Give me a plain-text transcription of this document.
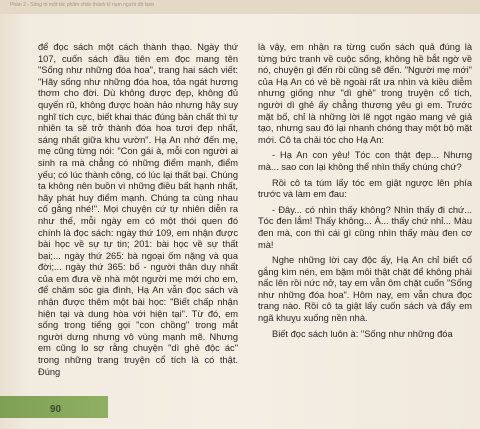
Phần 2 - Sống tri một tác phẩm chấn thành kì nam người độ lạnh

để đọc sách một cách thành thạo. Ngày thứ 107, cuốn sách đầu tiên em đọc mang tên "Sống như những đóa hoa", trang hai sách viết: "Hãy sống như những đóa hoa, tỏa ngát hương thơm cho đời. Dù không được đẹp, không đủ quyến rũ, không được hoàn hảo nhưng hãy suy nghĩ tích cực, biết khai thác đúng bản chất thì tự nhiên ta sẽ trở thành đóa hoa tươi đẹp nhất, sáng nhất giữa khu vườn". Hạ An nhớ đến mẹ, mẹ cũng từng nói: "Con gái à, mỗi con người ai sinh ra mà chẳng có những điểm mạnh, điểm yếu; có lúc thành công, có lúc lại thất bại. Chúng ta không nên buồn vì những điều bất hạnh nhất, hãy phát huy điểm mạnh. Chúng ta cùng nhau cố gắng nhé!". Mọi chuyện cứ tự nhiên diễn ra như thế, mỗi ngày em có một thói quen đó chính là đọc sách: ngày thứ 109, em nhận được bài học về sự tự tin; 201: bài học về sự thất bại;... ngày thứ 265: bà ngoại ốm nặng và qua đời;... ngày thứ 365: bố - người thân duy nhất của em đưa về nhà một người mẹ mới cho em, để chăm sóc gia đình, Hạ An vẫn đọc sách và nhận được thêm một bài học: "Biết chấp nhận hiện tại và dung hòa với hiện tại". Từ đó, em sống trong tiếng gọi "con chồng" trong mắt người dưng nhưng vô vùng mạnh mẽ. Nhưng em cũng lo sợ rằng chuyện "dì ghẻ độc ác" trong những trang truyện cổ tích là có thật. Đúng

là vậy, em nhận ra từng cuốn sách quả đúng là từng bức tranh về cuộc sống, không hề bắt ngờ về nó, chuyện gì đến rồi cũng sẽ đến. "Người mẹ mới" của Hạ An có vẻ bề ngoài rất ưa nhìn và kiều diễm nhưng giống như "dì ghẻ" trong truyện cổ tích, người dì ghẻ ấy chẳng thương yêu gì em. Trước mặt bố, chỉ là những lời lẽ ngọt ngào mang vẻ giả tạo, nhưng sau đó lại nhanh chóng thay một bộ mặt mới. Cô ta chải tóc cho Hạ An:

- Hạ An con yêu! Tóc con thật đẹp... Nhưng mà... sao con lại không thể nhìn thấy chúng chứ?

Rồi cô ta túm lấy tóc em giật ngược lên phía trước và làm em đau:

- Đây... có nhìn thấy không? Nhìn thấy đi chứ... Tóc đen lắm! Thấy không... À... thấy chứ nhỉ... Màu đen mà, con thì cái gì cũng nhìn thấy màu đen cơ mà!

Nghe những lời cay độc ấy, Hạ An chỉ biết cố gắng kìm nén, em bặm môi thật chặt để không phải nấc lên rồi nức nở, tay em vẫn ôm chặt cuốn "Sống như những đóa hoa". Hôm nay, em vẫn chưa đọc trang nào. Rồi cô ta giật lấy cuốn sách và đẩy em ngã khuỵu xuống nền nhà.

Biết đọc sách luôn à: "Sống như những đóa

90
